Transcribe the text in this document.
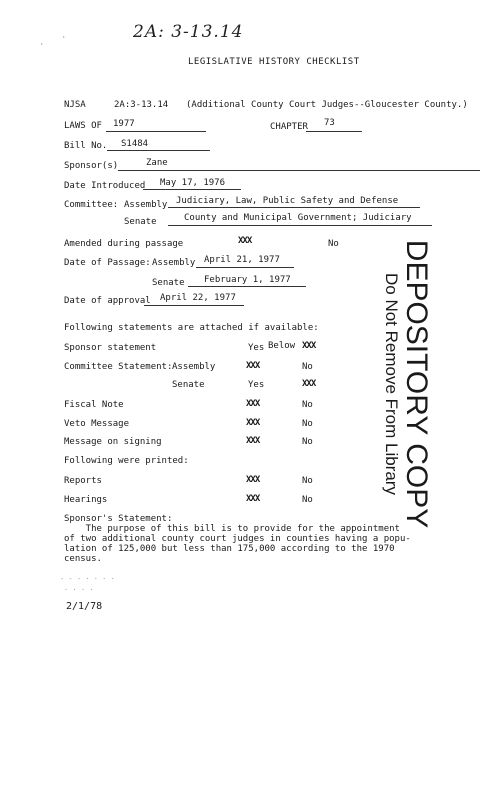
2A: 3-13.14
·
·
LEGISLATIVE HISTORY CHECKLIST
NJSA	2A:3-13.14 (Additional County Court Judges--Gloucester County.)
LAWS OF 1977	CHAPTER 73
Bill No. S1484
Sponsor(s)	Zane
Date Introduced May 17, 1976
Committee: Assembly Judiciary, Law, Public Safety and Defense
Senate	County and Municipal Government; Judiciary
Amended during passage	XXX	No
Date of Passage: Assembly April 21, 1977
Senate February 1, 1977
Date of approval April 22, 1977
Following statements are attached if available:
Sponsor statement	Yes Below XXX
Committee Statement: Assembly	XXX	No
Senate	Yes	XXX
Fiscal Note	XXX	No
Veto Message	XXX	No
Message on signing	XXX	No
Following were printed:
Reports	XXX	No
Hearings	XXX	No	DEPOSITORY COPY
Do Not Remove From Library
Sponsor's Statement:
The purpose of this bill is to provide for the appointment
of two additional county court judges in counties having a popu-
lation of 125,000 but less than 175,000 according to the 1970
census.
- - - · · · ·
· · · ·
2/1/78
